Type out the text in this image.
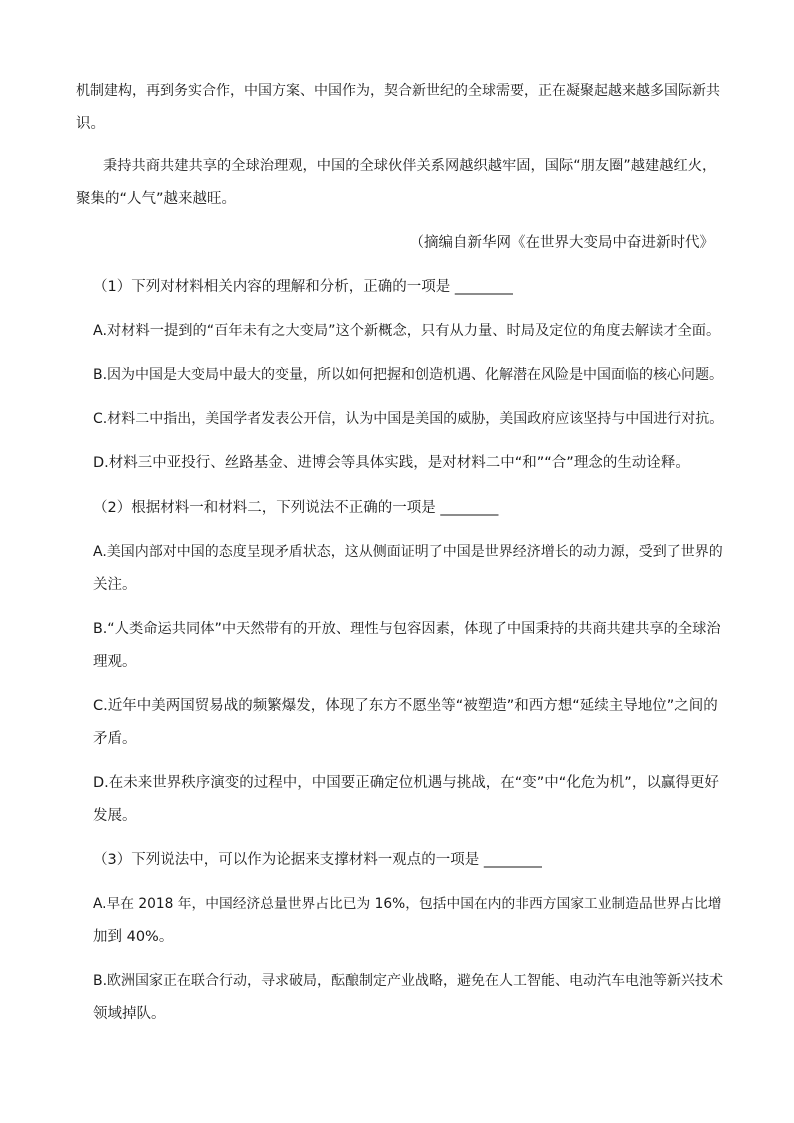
机制建构，再到务实合作，中国方案、中国作为，契合新世纪的全球需要，正在凝聚起越来越多国际新共
识。
秉持共商共建共享的全球治理观，中国的全球伙伴关系网越织越牢固，国际“朋友圈”越建越红火，
聚集的“人气”越来越旺。
（摘编自新华网《在世界大变局中奋进新时代》
（1）下列对材料相关内容的理解和分析，正确的一项是 ________
A.对材料一提到的“百年未有之大变局”这个新概念，只有从力量、时局及定位的角度去解读才全面。
B.因为中国是大变局中最大的变量，所以如何把握和创造机遇、化解潜在风险是中国面临的核心问题。
C.材料二中指出，美国学者发表公开信，认为中国是美国的威胁，美国政府应该坚持与中国进行对抗。
D.材料三中亚投行、丝路基金、进博会等具体实践，是对材料二中“和”“合”理念的生动诠释。
（2）根据材料一和材料二，下列说法不正确的一项是 ________
A.美国内部对中国的态度呈现矛盾状态，这从侧面证明了中国是世界经济增长的动力源，受到了世界的
关注。
B.“人类命运共同体”中天然带有的开放、理性与包容因素，体现了中国秉持的共商共建共享的全球治
理观。
C.近年中美两国贸易战的频繁爆发，体现了东方不愿坐等“被塑造”和西方想“延续主导地位”之间的
矛盾。
D.在未来世界秩序演变的过程中，中国要正确定位机遇与挑战，在“变”中“化危为机”，以赢得更好
发展。
（3）下列说法中，可以作为论据来支撑材料一观点的一项是 ________
A.早在 2018 年，中国经济总量世界占比已为 16%，包括中国在内的非西方国家工业制造品世界占比增
加到 40%。
B.欧洲国家正在联合行动，寻求破局，酝酿制定产业战略，避免在人工智能、电动汽车电池等新兴技术
领域掉队。
